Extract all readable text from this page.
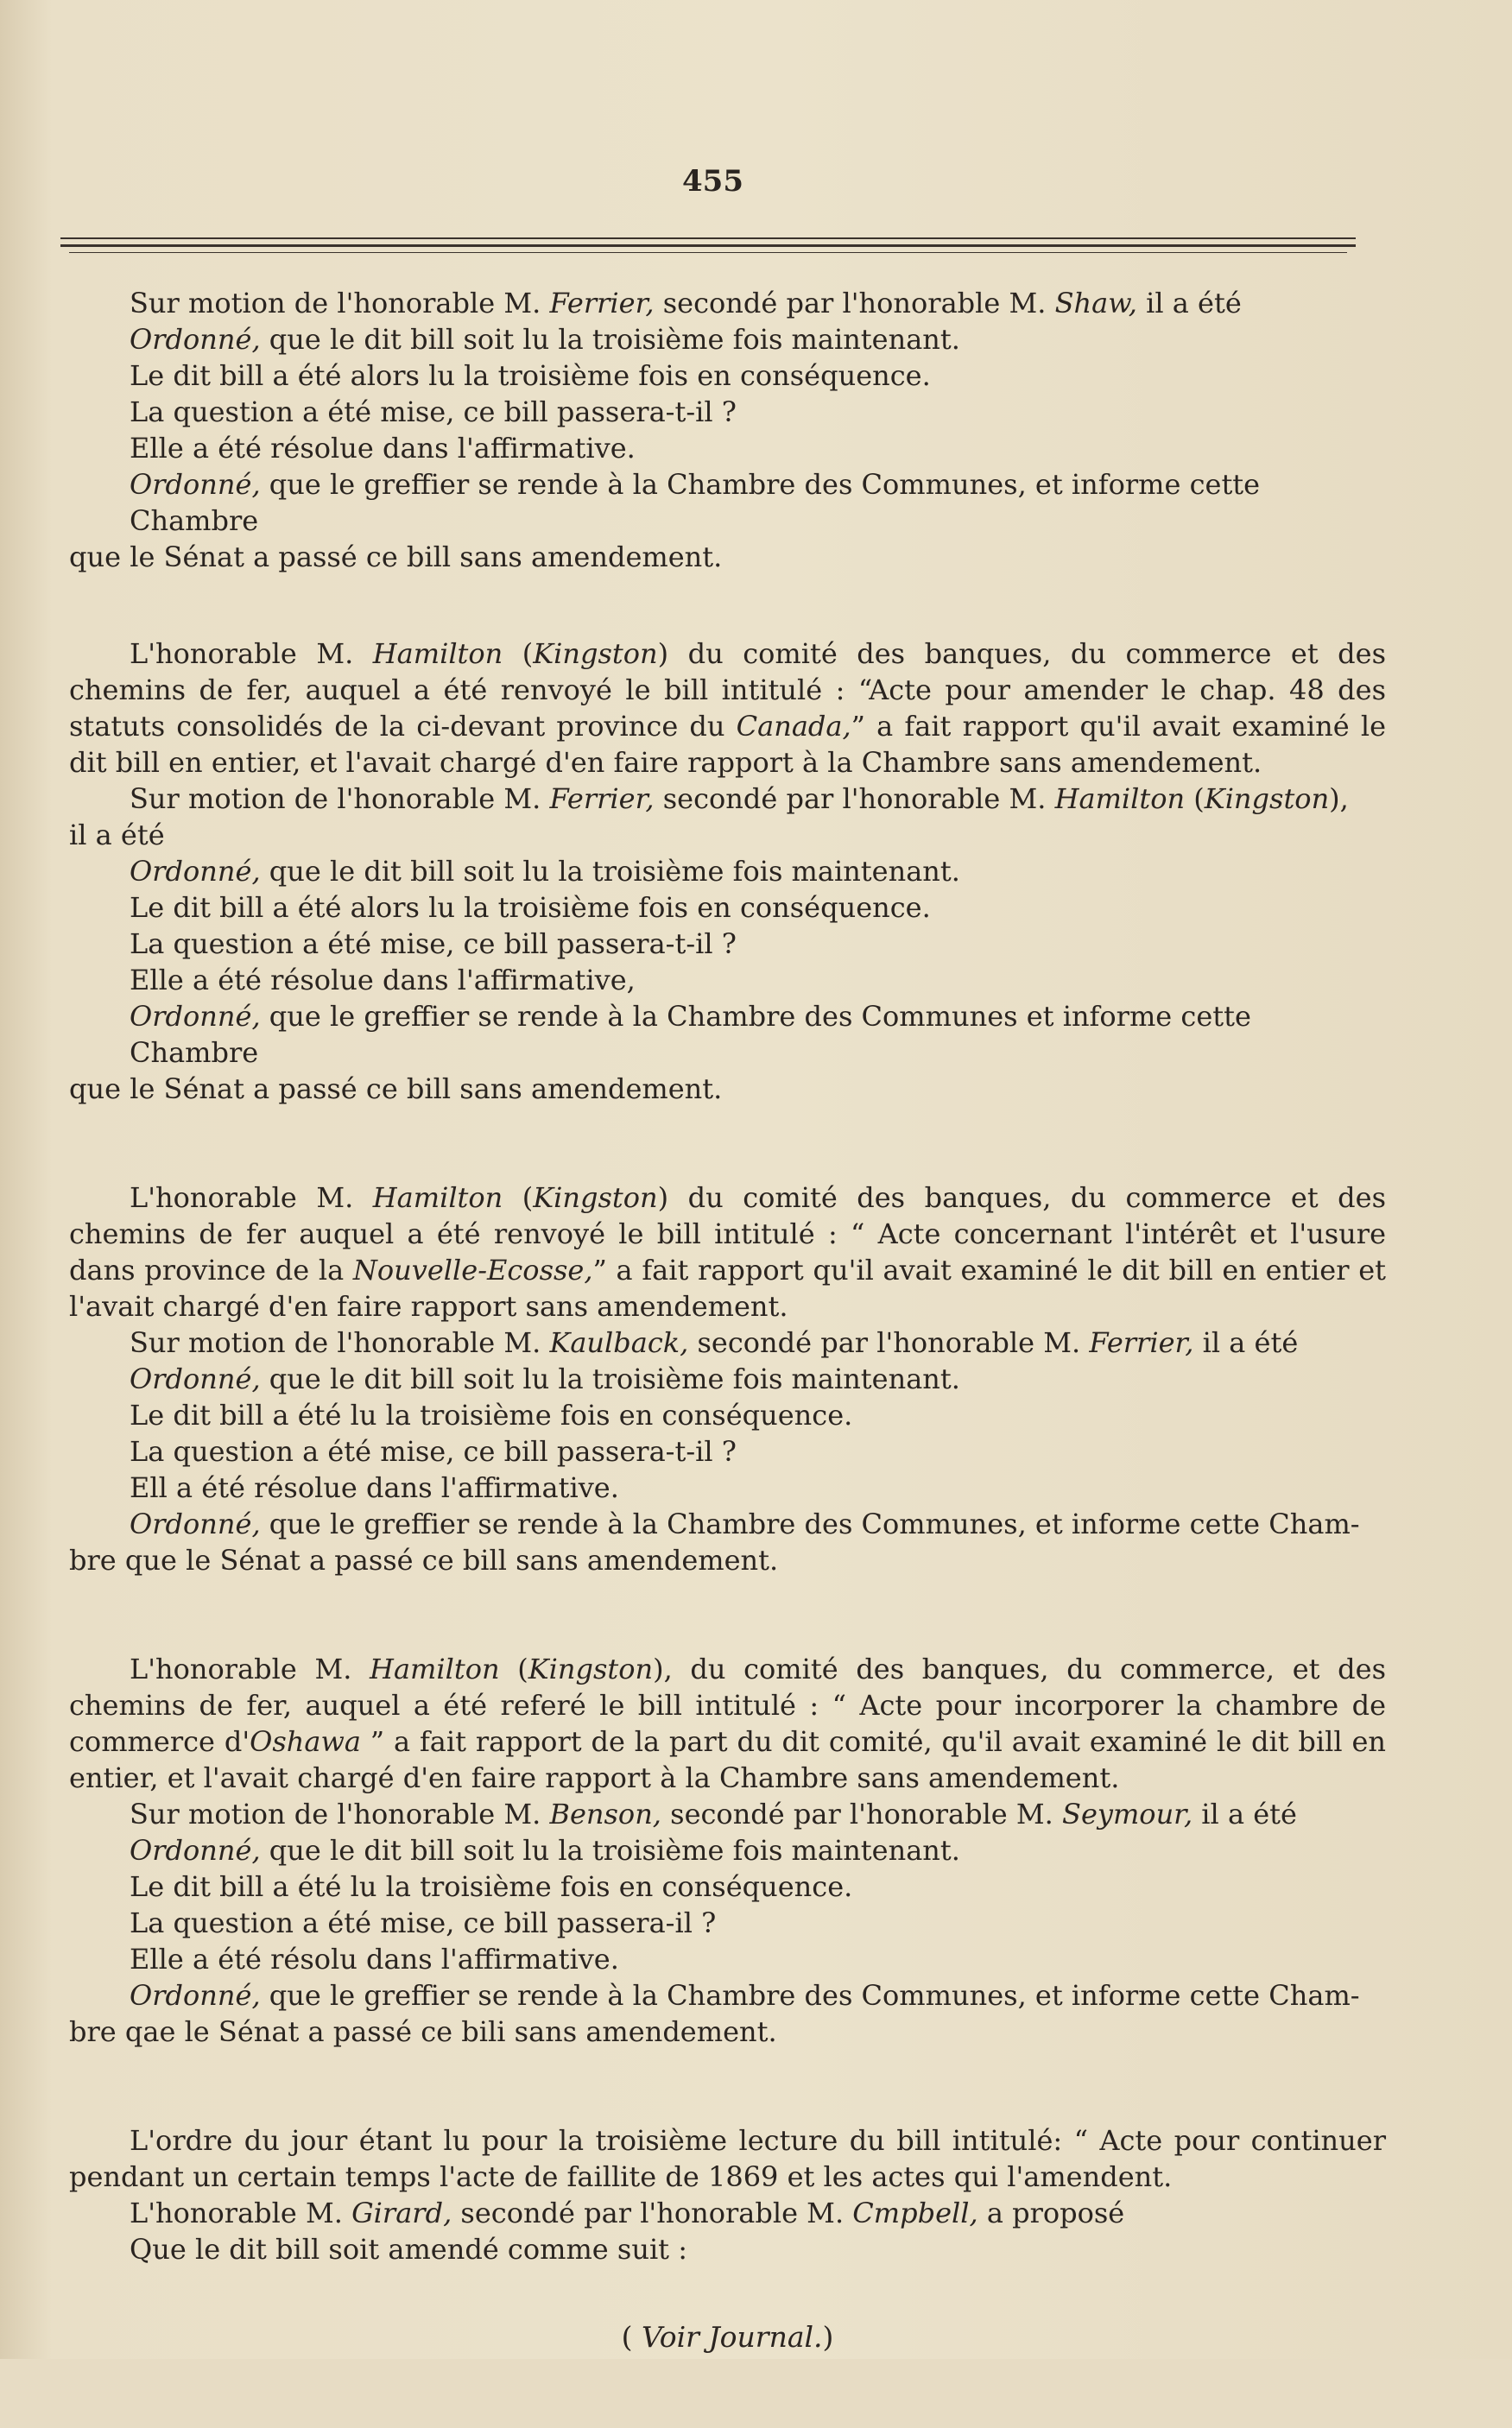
455

Sur motion de l'honorable M. Ferrier, secondé par l'honorable M. Shaw, il a été

Ordonné, que le dit bill soit lu la troisième fois maintenant.

Le dit bill a été alors lu la troisième fois en conséquence.

La question a été mise, ce bill passera-t-il ?

Elle a été résolue dans l'affirmative.

Ordonné, que le greffier se rende à la Chambre des Communes, et informe cette Chambre

que le Sénat a passé ce bill sans amendement.

L'honorable M. Hamilton (Kingston) du comité des banques, du commerce et des chemins de fer, auquel a été renvoyé le bill intitulé : “Acte pour amender le chap. 48 des statuts consolidés de la ci-devant province du Canada,” a fait rapport qu'il avait examiné le dit bill en entier, et l'avait chargé d'en faire rapport à la Chambre sans amendement.

Sur motion de l'honorable M. Ferrier, secondé par l'honorable M. Hamilton (Kingston),

il a été

Ordonné, que le dit bill soit lu la troisième fois maintenant.

Le dit bill a été alors lu la troisième fois en conséquence.

La question a été mise, ce bill passera-t-il ?

Elle a été résolue dans l'affirmative,

Ordonné, que le greffier se rende à la Chambre des Communes et informe cette Chambre

que le Sénat a passé ce bill sans amendement.

L'honorable M. Hamilton (Kingston) du comité des banques, du commerce et des chemins de fer auquel a été renvoyé le bill intitulé : “ Acte concernant l'intérêt et l'usure dans province de la Nouvelle-Ecosse,” a fait rapport qu'il avait examiné le dit bill en entier et l'avait chargé d'en faire rapport sans amendement.

Sur motion de l'honorable M. Kaulback, secondé par l'honorable M. Ferrier, il a été

Ordonné, que le dit bill soit lu la troisième fois maintenant.

Le dit bill a été lu la troisième fois en conséquence.

La question a été mise, ce bill passera-t-il ?

Ell a été résolue dans l'affirmative.

Ordonné, que le greffier se rende à la Chambre des Communes, et informe cette Cham-

bre que le Sénat a passé ce bill sans amendement.

L'honorable M. Hamilton (Kingston), du comité des banques, du commerce, et des chemins de fer, auquel a été referé le bill intitulé : “ Acte pour incorporer la chambre de commerce d'Oshawa ” a fait rapport de la part du dit comité, qu'il avait examiné le dit bill en entier, et l'avait chargé d'en faire rapport à la Chambre sans amendement.

Sur motion de l'honorable M. Benson, secondé par l'honorable M. Seymour, il a été

Ordonné, que le dit bill soit lu la troisième fois maintenant.

Le dit bill a été lu la troisième fois en conséquence.

La question a été mise, ce bill passera-il ?

Elle a été résolu dans l'affirmative.

Ordonné, que le greffier se rende à la Chambre des Communes, et informe cette Cham-

bre qae le Sénat a passé ce bili sans amendement.

L'ordre du jour étant lu pour la troisième lecture du bill intitulé: “ Acte pour continuer pendant un certain temps l'acte de faillite de 1869 et les actes qui l'amendent.

L'honorable M. Girard, secondé par l'honorable M. Cmpbell, a proposé

Que le dit bill soit amendé comme suit :

( Voir Journal.)
